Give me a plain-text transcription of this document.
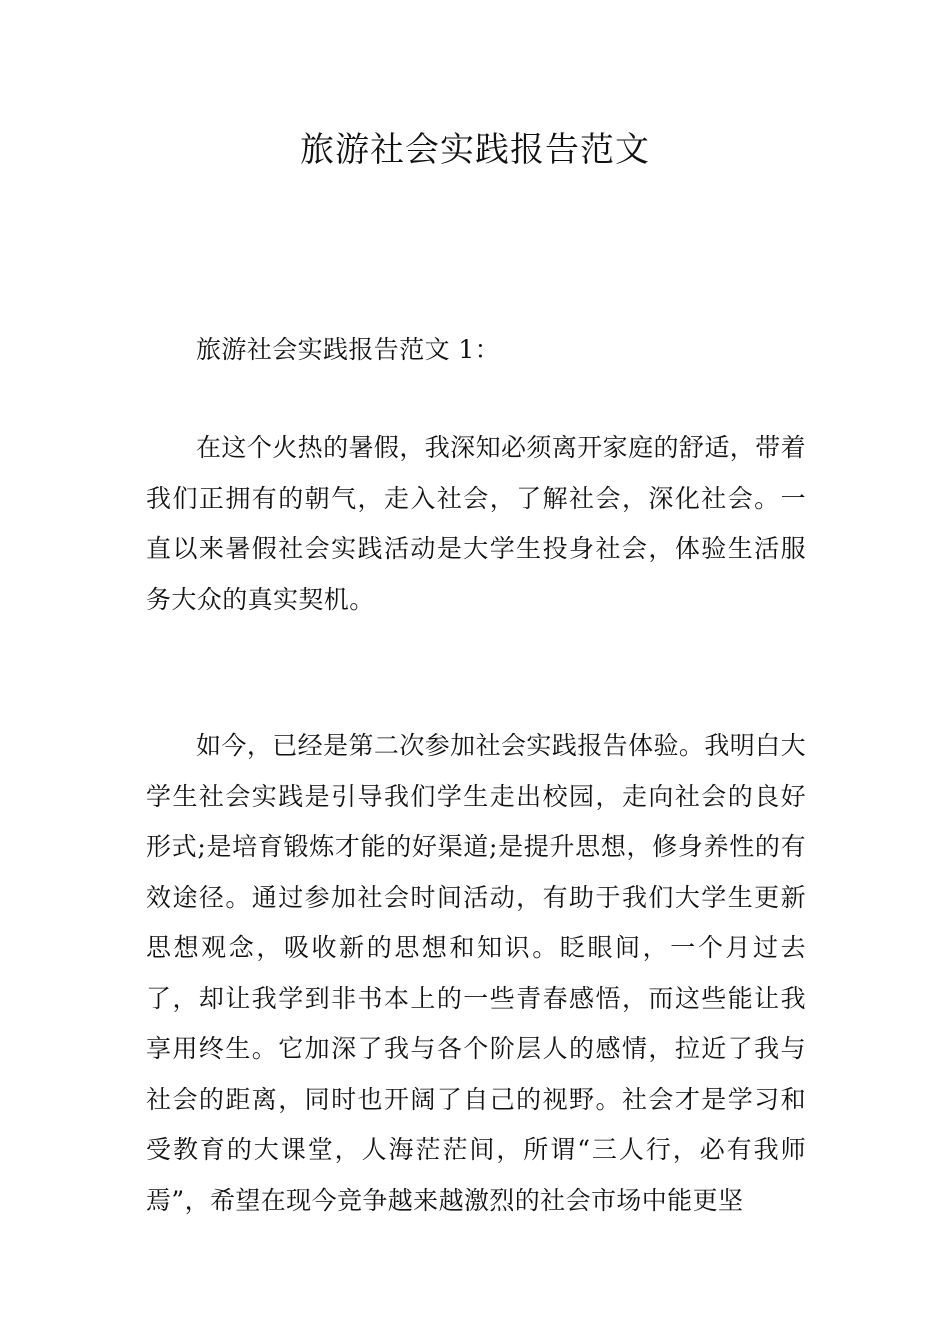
旅游社会实践报告范文

旅游社会实践报告范文 1：

在这个火热的暑假，我深知必须离开家庭的舒适，带着我们正拥有的朝气，走入社会，了解社会，深化社会。一直以来暑假社会实践活动是大学生投身社会，体验生活服务大众的真实契机。

如今，已经是第二次参加社会实践报告体验。我明白大学生社会实践是引导我们学生走出校园，走向社会的良好形式;是培育锻炼才能的好渠道;是提升思想，修身养性的有效途径。通过参加社会时间活动，有助于我们大学生更新思想观念，吸收新的思想和知识。眨眼间，一个月过去了，却让我学到非书本上的一些青春感悟，而这些能让我享用终生。它加深了我与各个阶层人的感情，拉近了我与社会的距离，同时也开阔了自己的视野。社会才是学习和受教育的大课堂，人海茫茫间，所谓“三人行，必有我师焉”，希望在现今竞争越来越激烈的社会市场中能更坚
